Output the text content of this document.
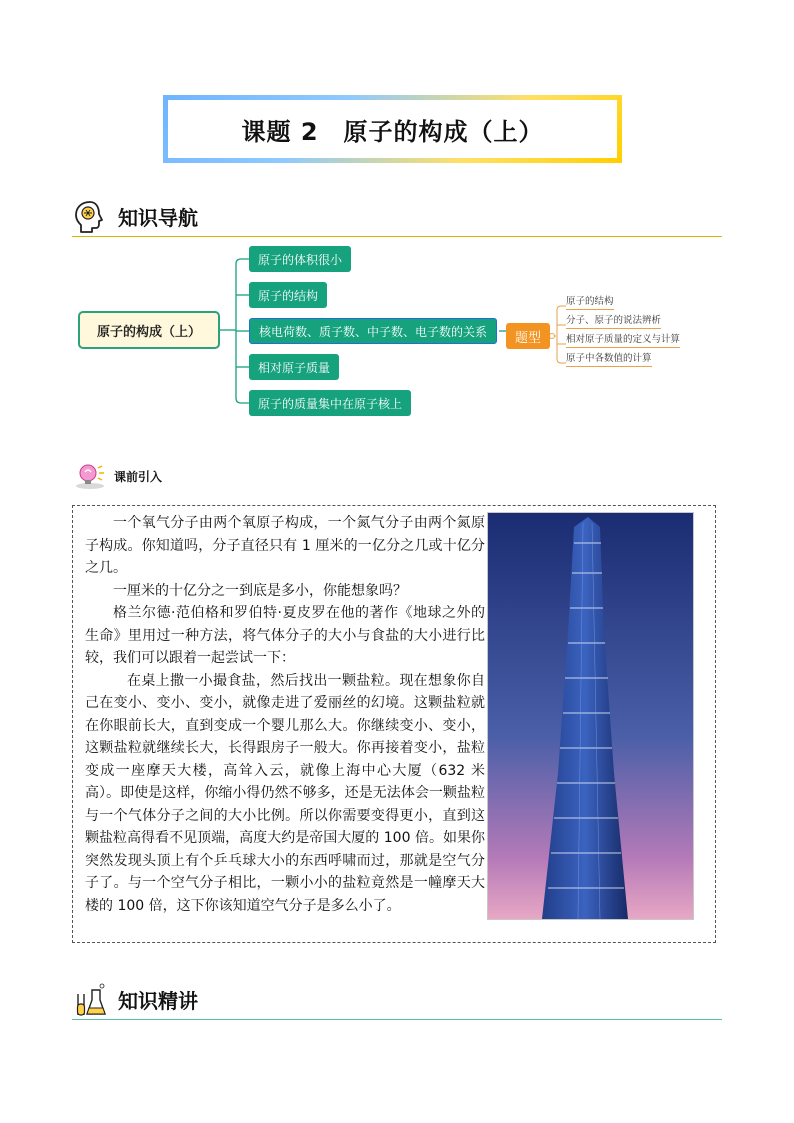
课题 2　原子的构成（上）
知识导航
原子的构成（上）
原子的体积很小
原子的结构
核电荷数、质子数、中子数、电子数的关系
相对原子质量
原子的质量集中在原子核上
题型
原子的结构
分子、原子的说法辨析
相对原子质量的定义与计算
原子中各数值的计算
课前引入

一个氧气分子由两个氧原子构成，一个氮气分子由两个氮原子构成。你知道吗，分子直径只有 1 厘米的一亿分之几或十亿分之几。

一厘米的十亿分之一到底是多小，你能想象吗？

格兰尔德·范伯格和罗伯特·夏皮罗在他的著作《地球之外的生命》里用过一种方法，将气体分子的大小与食盐的大小进行比较，我们可以跟着一起尝试一下：

在桌上撒一小撮食盐，然后找出一颗盐粒。现在想象你自己在变小、变小、变小，就像走进了爱丽丝的幻境。这颗盐粒就在你眼前长大，直到变成一个婴儿那么大。你继续变小、变小，这颗盐粒就继续长大，长得跟房子一般大。你再接着变小，盐粒变成一座摩天大楼，高耸入云，就像上海中心大厦（632 米高）。即使是这样，你缩小得仍然不够多，还是无法体会一颗盐粒与一个气体分子之间的大小比例。所以你需要变得更小，直到这颗盐粒高得看不见顶端，高度大约是帝国大厦的 100 倍。如果你突然发现头顶上有个乒乓球大小的东西呼啸而过，那就是空气分子了。与一个空气分子相比，一颗小小的盐粒竟然是一幢摩天大楼的 100 倍，这下你该知道空气分子是多么小了。

知识精讲
